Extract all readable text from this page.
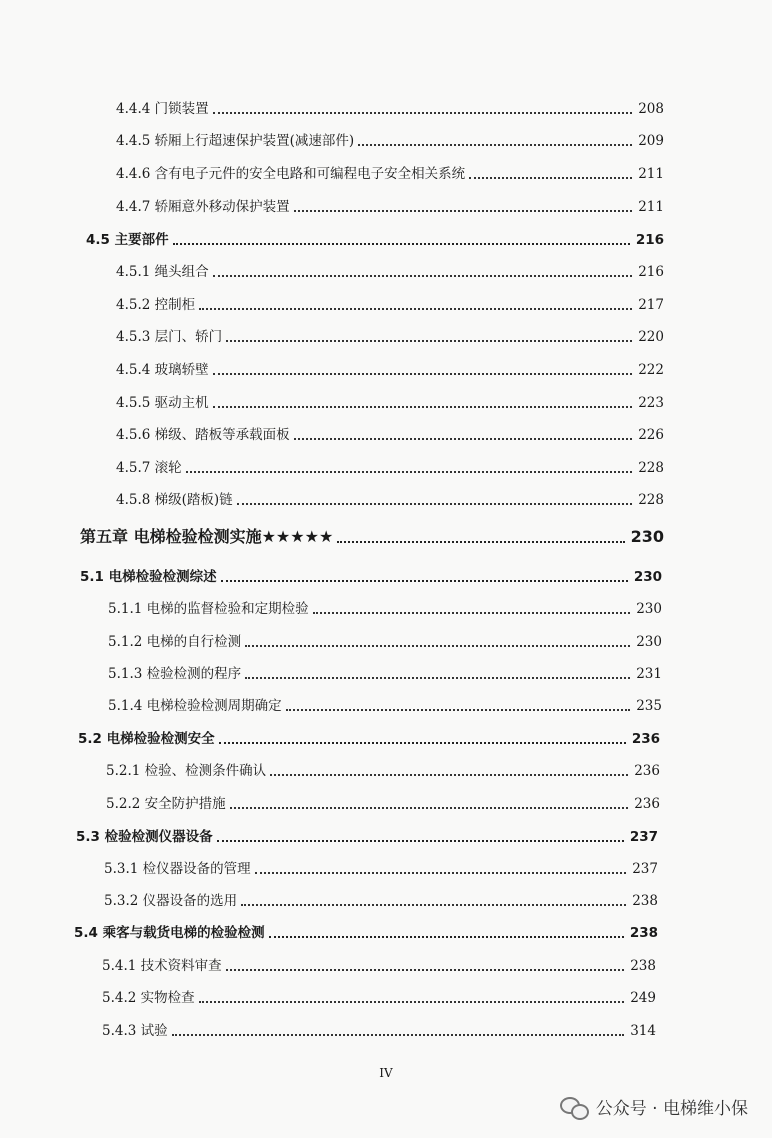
4.4.4 门锁装置	208
4.4.5 轿厢上行超速保护装置(减速部件)	209
4.4.6 含有电子元件的安全电路和可编程电子安全相关系统	211
4.4.7 轿厢意外移动保护装置	211
4.5 主要部件	216
4.5.1 绳头组合	216
4.5.2 控制柜	217
4.5.3 层门、轿门	220
4.5.4 玻璃轿壁	222
4.5.5 驱动主机	223
4.5.6 梯级、踏板等承载面板	226
4.5.7 滚轮	228
4.5.8 梯级(踏板)链	228
第五章 电梯检验检测实施★★★★★	230
5.1 电梯检验检测综述	230
5.1.1 电梯的监督检验和定期检验	230
5.1.2 电梯的自行检测	230
5.1.3 检验检测的程序	231
5.1.4 电梯检验检测周期确定	235
5.2 电梯检验检测安全	236
5.2.1 检验、检测条件确认	236
5.2.2 安全防护措施	236
5.3 检验检测仪器设备	237
5.3.1 检仪器设备的管理	237
5.3.2 仪器设备的选用	238
5.4 乘客与载货电梯的检验检测	238
5.4.1 技术资料审查	238
5.4.2 实物检查	249
5.4.3 试验	314
IV
公众号 · 电梯维小保
